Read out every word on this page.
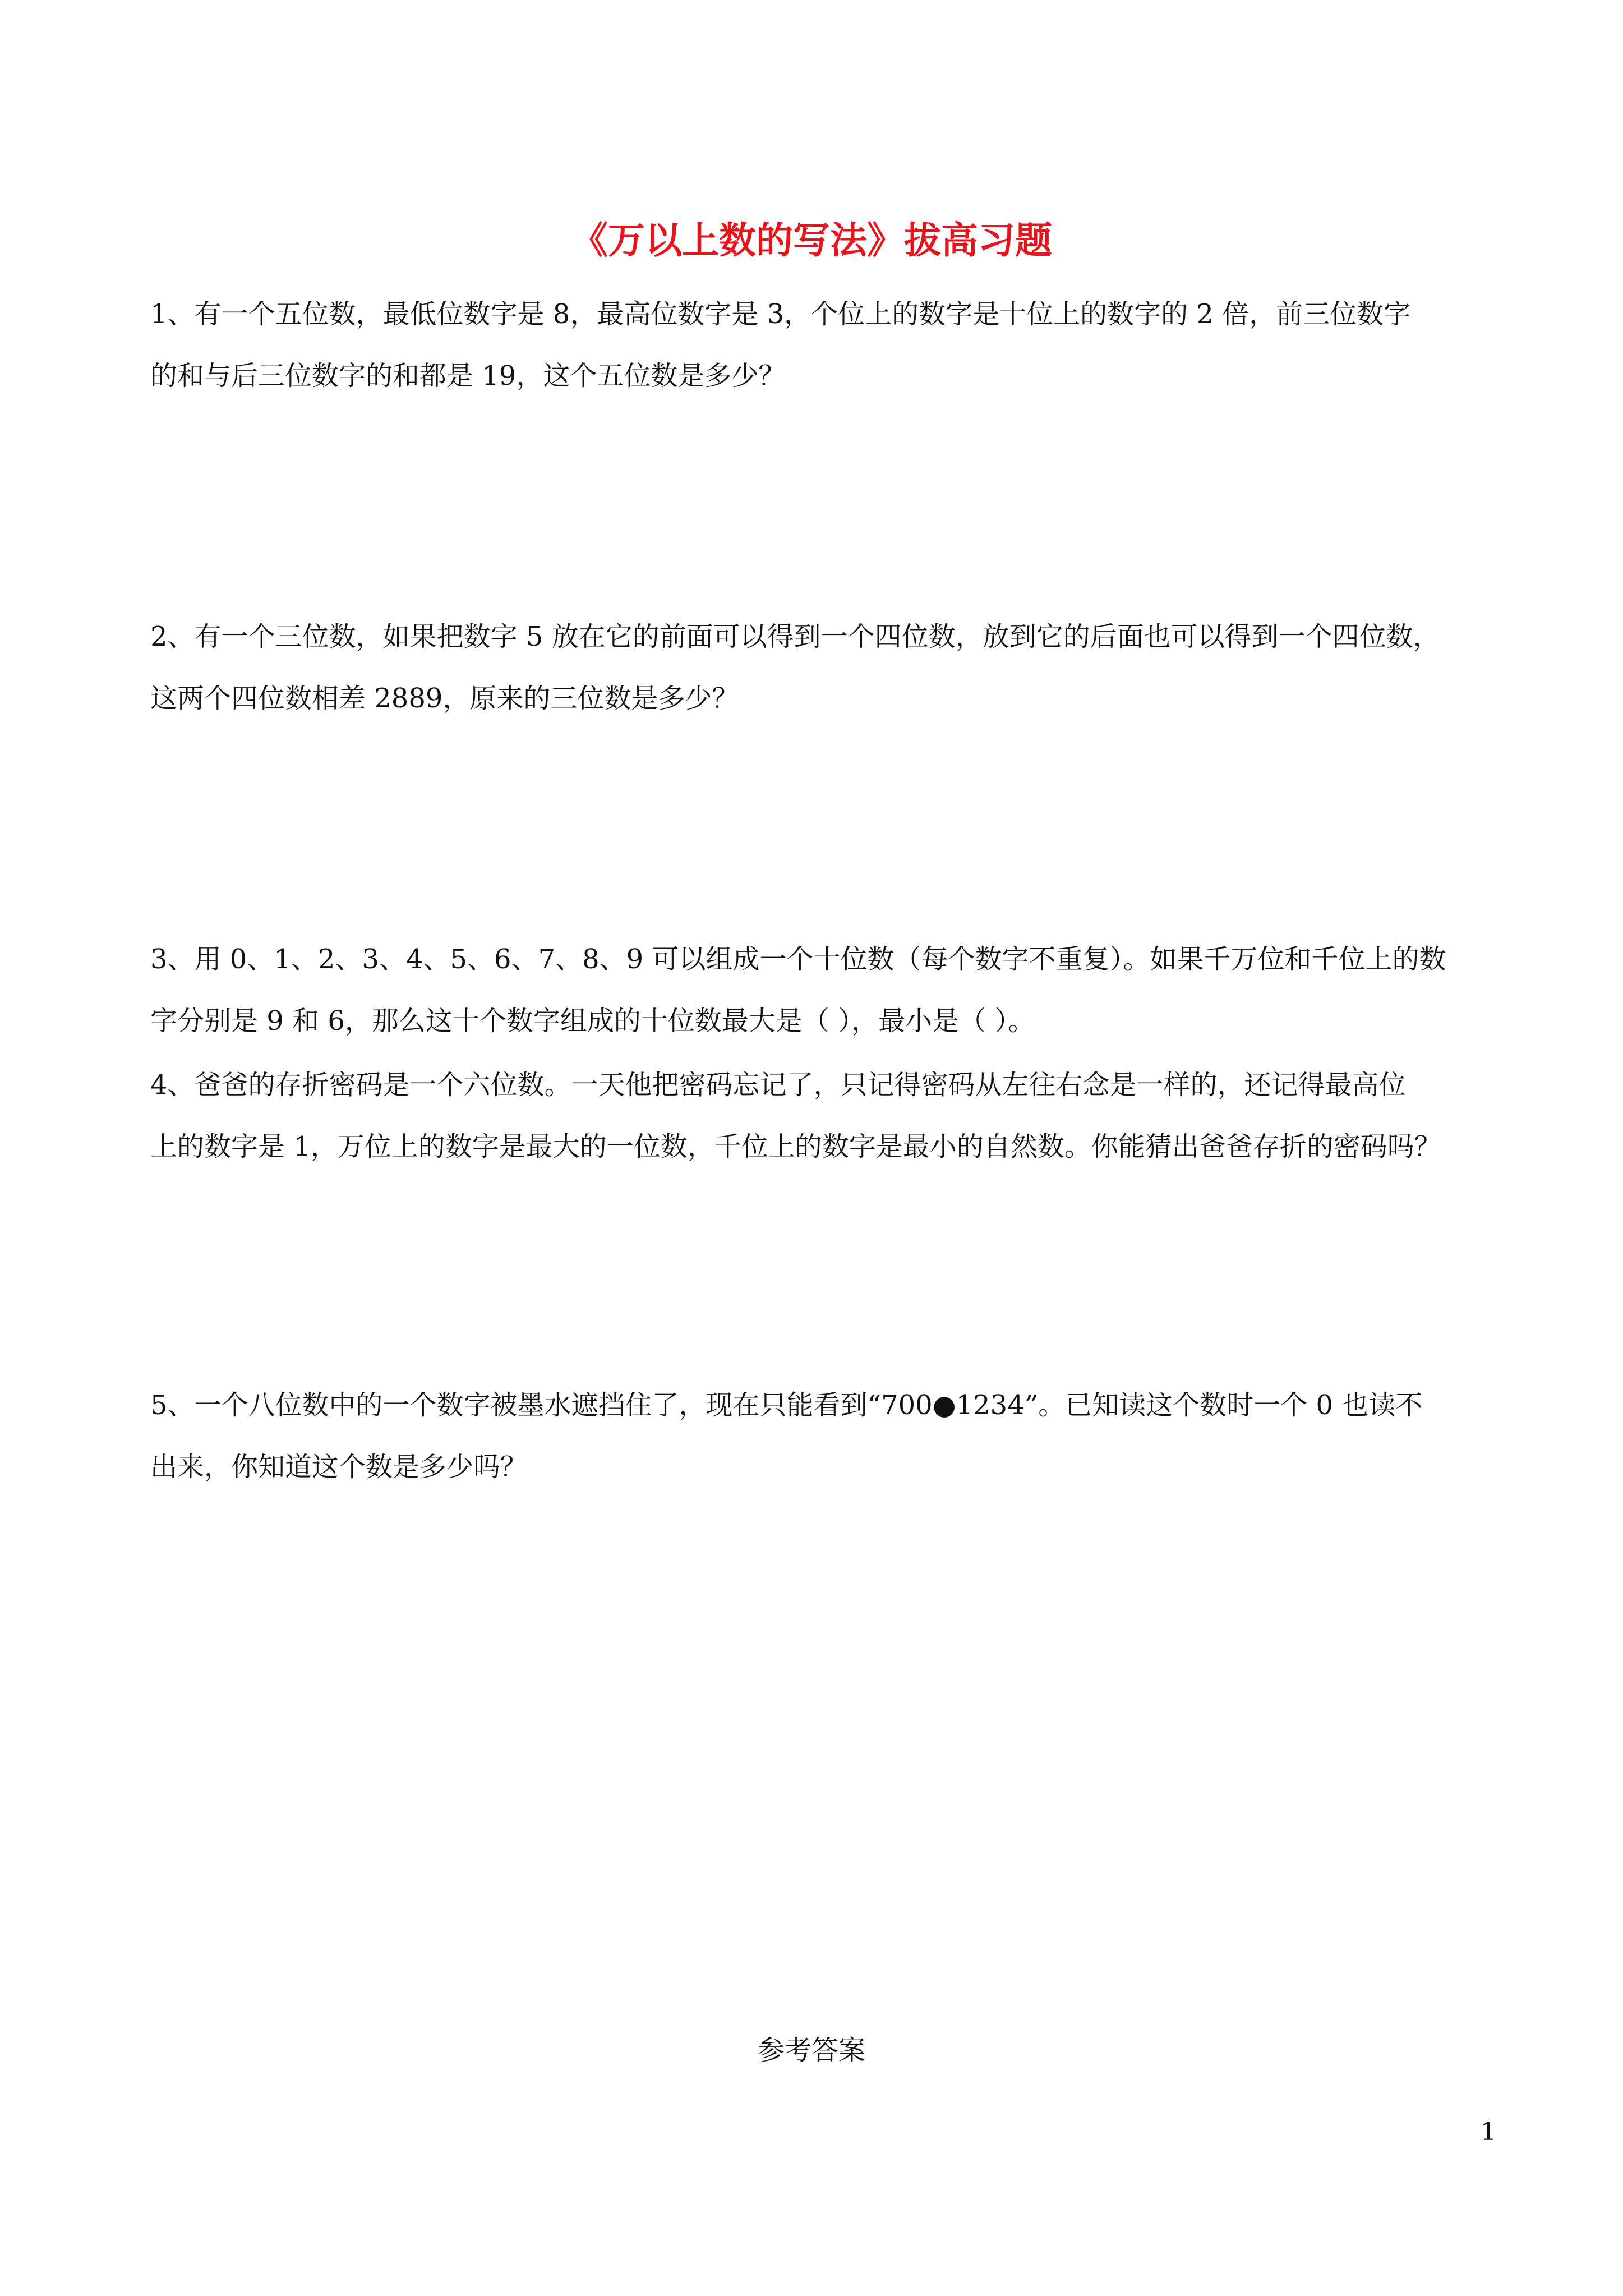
《万以上数的写法》拔高习题
1、有一个五位数，最低位数字是 8，最高位数字是 3，个位上的数字是十位上的数字的 2 倍，前三位数字
的和与后三位数字的和都是 19，这个五位数是多少？
2、有一个三位数，如果把数字 5 放在它的前面可以得到一个四位数，放到它的后面也可以得到一个四位数，
这两个四位数相差 2889，原来的三位数是多少？
3、用 0、1、2、3、4、5、6、7、8、9 可以组成一个十位数（每个数字不重复）。如果千万位和千位上的数
字分别是 9 和 6，那么这十个数字组成的十位数最大是（ ），最小是（ ）。
4、爸爸的存折密码是一个六位数。一天他把密码忘记了，只记得密码从左往右念是一样的，还记得最高位
上的数字是 1，万位上的数字是最大的一位数，千位上的数字是最小的自然数。你能猜出爸爸存折的密码吗？
5、一个八位数中的一个数字被墨水遮挡住了，现在只能看到“700●1234”。已知读这个数时一个 0 也读不
出来，你知道这个数是多少吗？
参考答案
1
